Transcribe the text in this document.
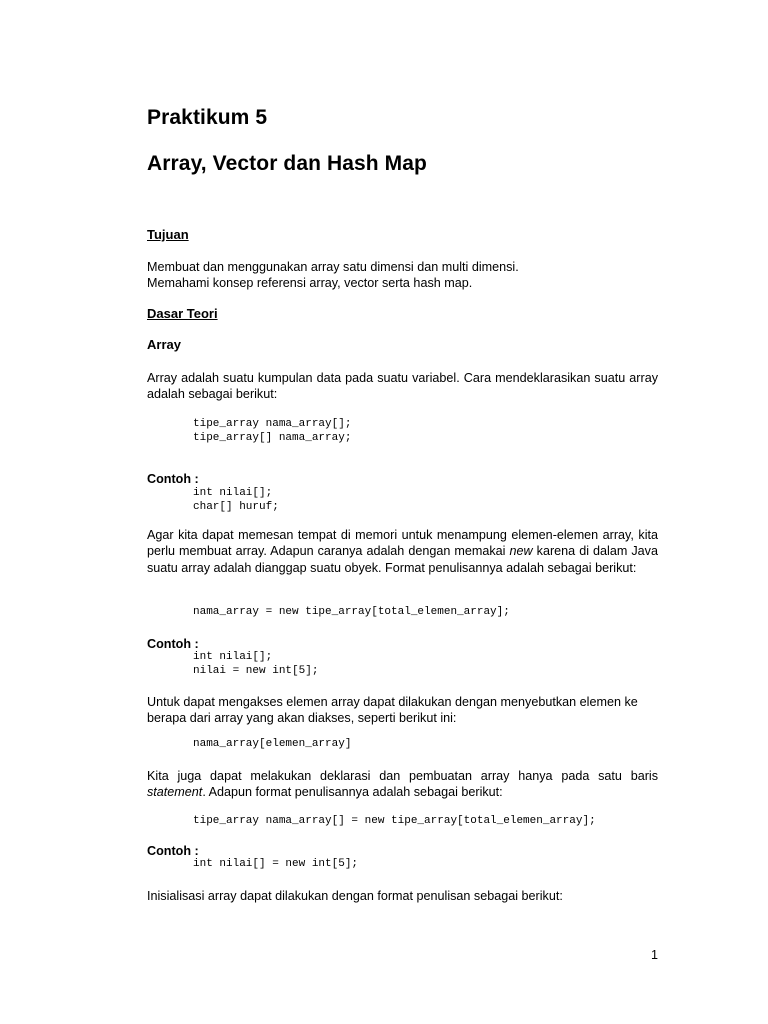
Praktikum 5
Array, Vector dan Hash Map
Tujuan
Membuat dan menggunakan array satu dimensi dan multi dimensi.
Memahami konsep referensi array, vector serta hash map.
Dasar Teori
Array
Array adalah suatu kumpulan data pada suatu variabel. Cara mendeklarasikan suatu array adalah sebagai berikut:
tipe_array nama_array[];
tipe_array[] nama_array;
Contoh :
int nilai[];
char[] huruf;
Agar kita dapat memesan tempat di memori untuk menampung elemen-elemen array, kita perlu membuat array. Adapun caranya adalah dengan memakai new karena di dalam Java suatu array adalah dianggap suatu obyek. Format penulisannya adalah sebagai berikut:
nama_array = new tipe_array[total_elemen_array];
Contoh :
int nilai[];
nilai = new int[5];
Untuk dapat mengakses elemen array dapat dilakukan dengan menyebutkan elemen ke berapa dari array yang akan diakses, seperti berikut ini:
nama_array[elemen_array]
Kita juga dapat melakukan deklarasi dan pembuatan array hanya pada satu baris statement. Adapun format penulisannya adalah sebagai berikut:
tipe_array nama_array[] = new tipe_array[total_elemen_array];
Contoh :
int nilai[] = new int[5];
Inisialisasi array dapat dilakukan dengan format penulisan sebagai berikut:
1
